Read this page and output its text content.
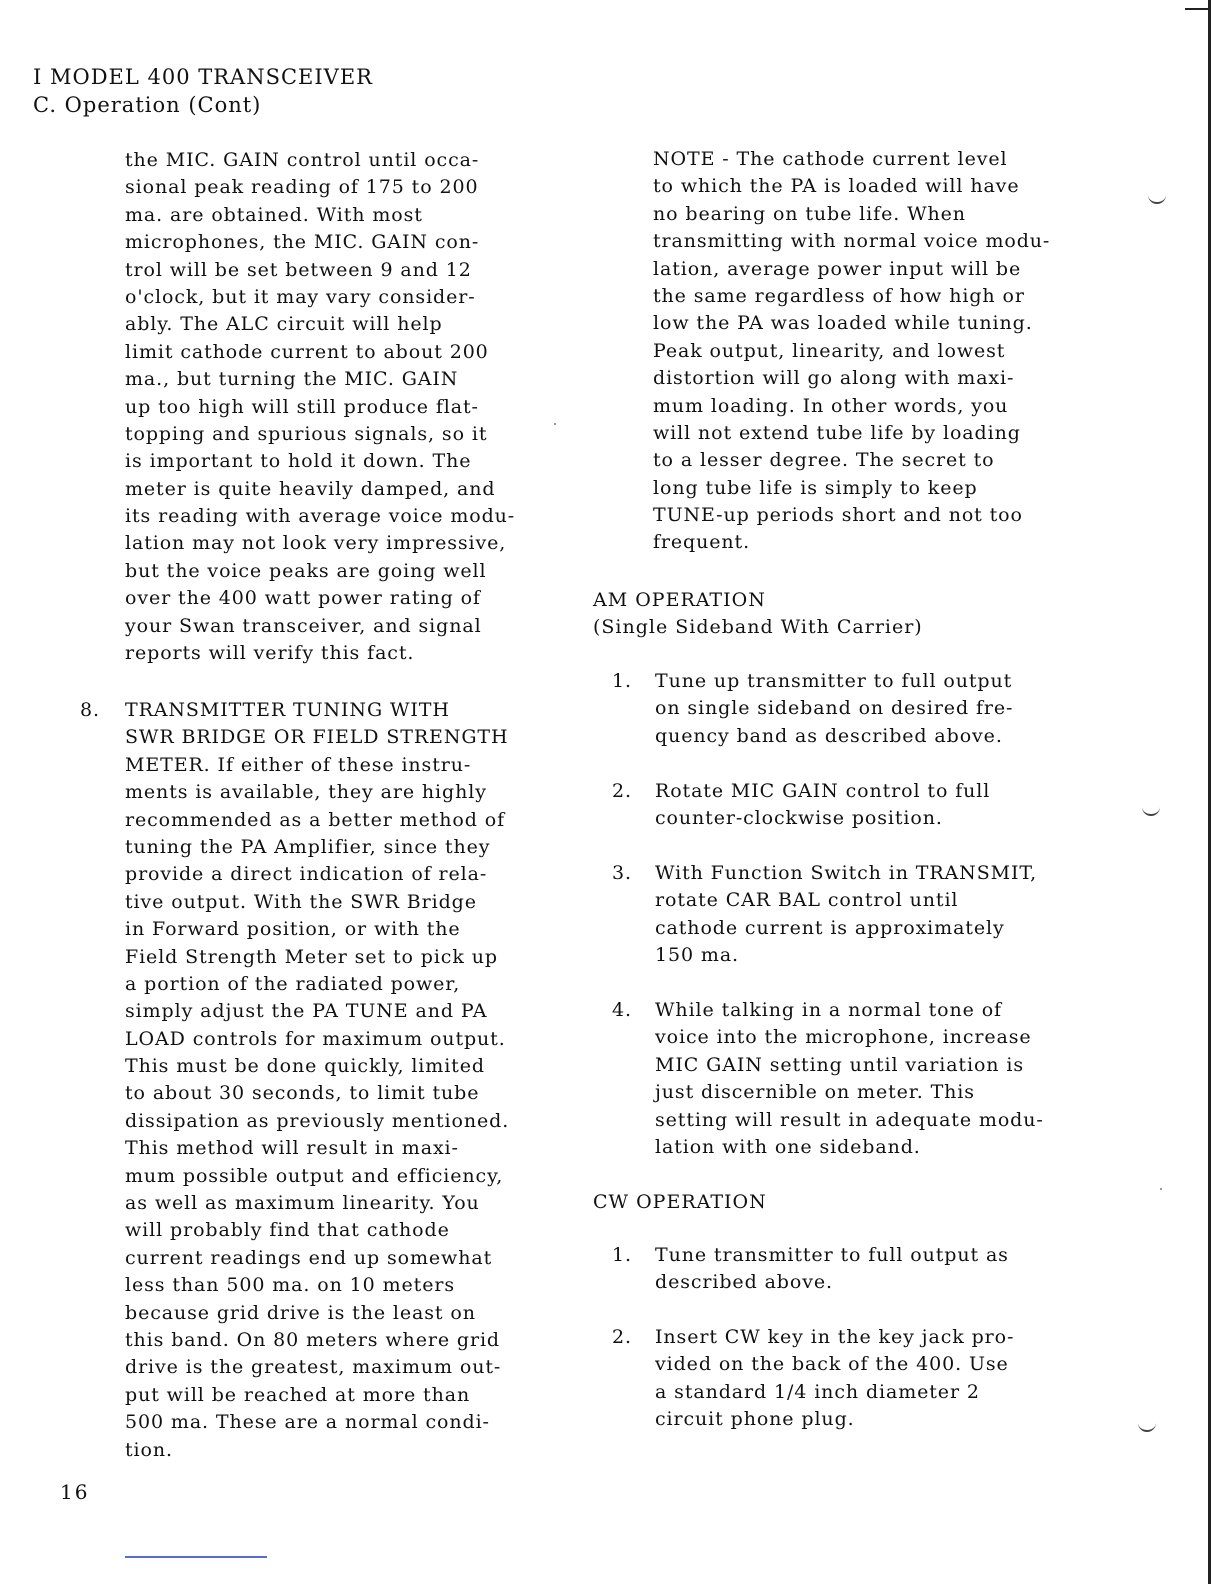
I MODEL 400 TRANSCEIVER
C. Operation (Cont)
the MIC. GAIN control until occa-
sional peak reading of 175 to 200
ma. are obtained. With most
microphones, the MIC. GAIN con-
trol will be set between 9 and 12
o'clock, but it may vary consider-
ably. The ALC circuit will help
limit cathode current to about 200
ma., but turning the MIC. GAIN
up too high will still produce flat-
topping and spurious signals, so it
is important to hold it down. The
meter is quite heavily damped, and
its reading with average voice modu-
lation may not look very impressive,
but the voice peaks are going well
over the 400 watt power rating of
your Swan transceiver, and signal
reports will verify this fact.
8. TRANSMITTER TUNING WITH
SWR BRIDGE OR FIELD STRENGTH
METER. If either of these instru-
ments is available, they are highly
recommended as a better method of
tuning the PA Amplifier, since they
provide a direct indication of rela-
tive output. With the SWR Bridge
in Forward position, or with the
Field Strength Meter set to pick up
a portion of the radiated power,
simply adjust the PA TUNE and PA
LOAD controls for maximum output.
This must be done quickly, limited
to about 30 seconds, to limit tube
dissipation as previously mentioned.
This method will result in maxi-
mum possible output and efficiency,
as well as maximum linearity. You
will probably find that cathode
current readings end up somewhat
less than 500 ma. on 10 meters
because grid drive is the least on
this band. On 80 meters where grid
drive is the greatest, maximum out-
put will be reached at more than
500 ma. These are a normal condi-
tion.
NOTE - The cathode current level
to which the PA is loaded will have
no bearing on tube life. When
transmitting with normal voice modu-
lation, average power input will be
the same regardless of how high or
low the PA was loaded while tuning.
Peak output, linearity, and lowest
distortion will go along with maxi-
mum loading. In other words, you
will not extend tube life by loading
to a lesser degree. The secret to
long tube life is simply to keep
TUNE-up periods short and not too
frequent.
AM OPERATION
(Single Sideband With Carrier)
1. Tune up transmitter to full output
on single sideband on desired fre-
quency band as described above.
2. Rotate MIC GAIN control to full
counter-clockwise position.
3. With Function Switch in TRANSMIT,
rotate CAR BAL control until
cathode current is approximately
150 ma.
4. While talking in a normal tone of
voice into the microphone, increase
MIC GAIN setting until variation is
just discernible on meter. This
setting will result in adequate modu-
lation with one sideband.
CW OPERATION
1. Tune transmitter to full output as
described above.
2. Insert CW key in the key jack pro-
vided on the back of the 400. Use
a standard 1/4 inch diameter 2
circuit phone plug.
16
